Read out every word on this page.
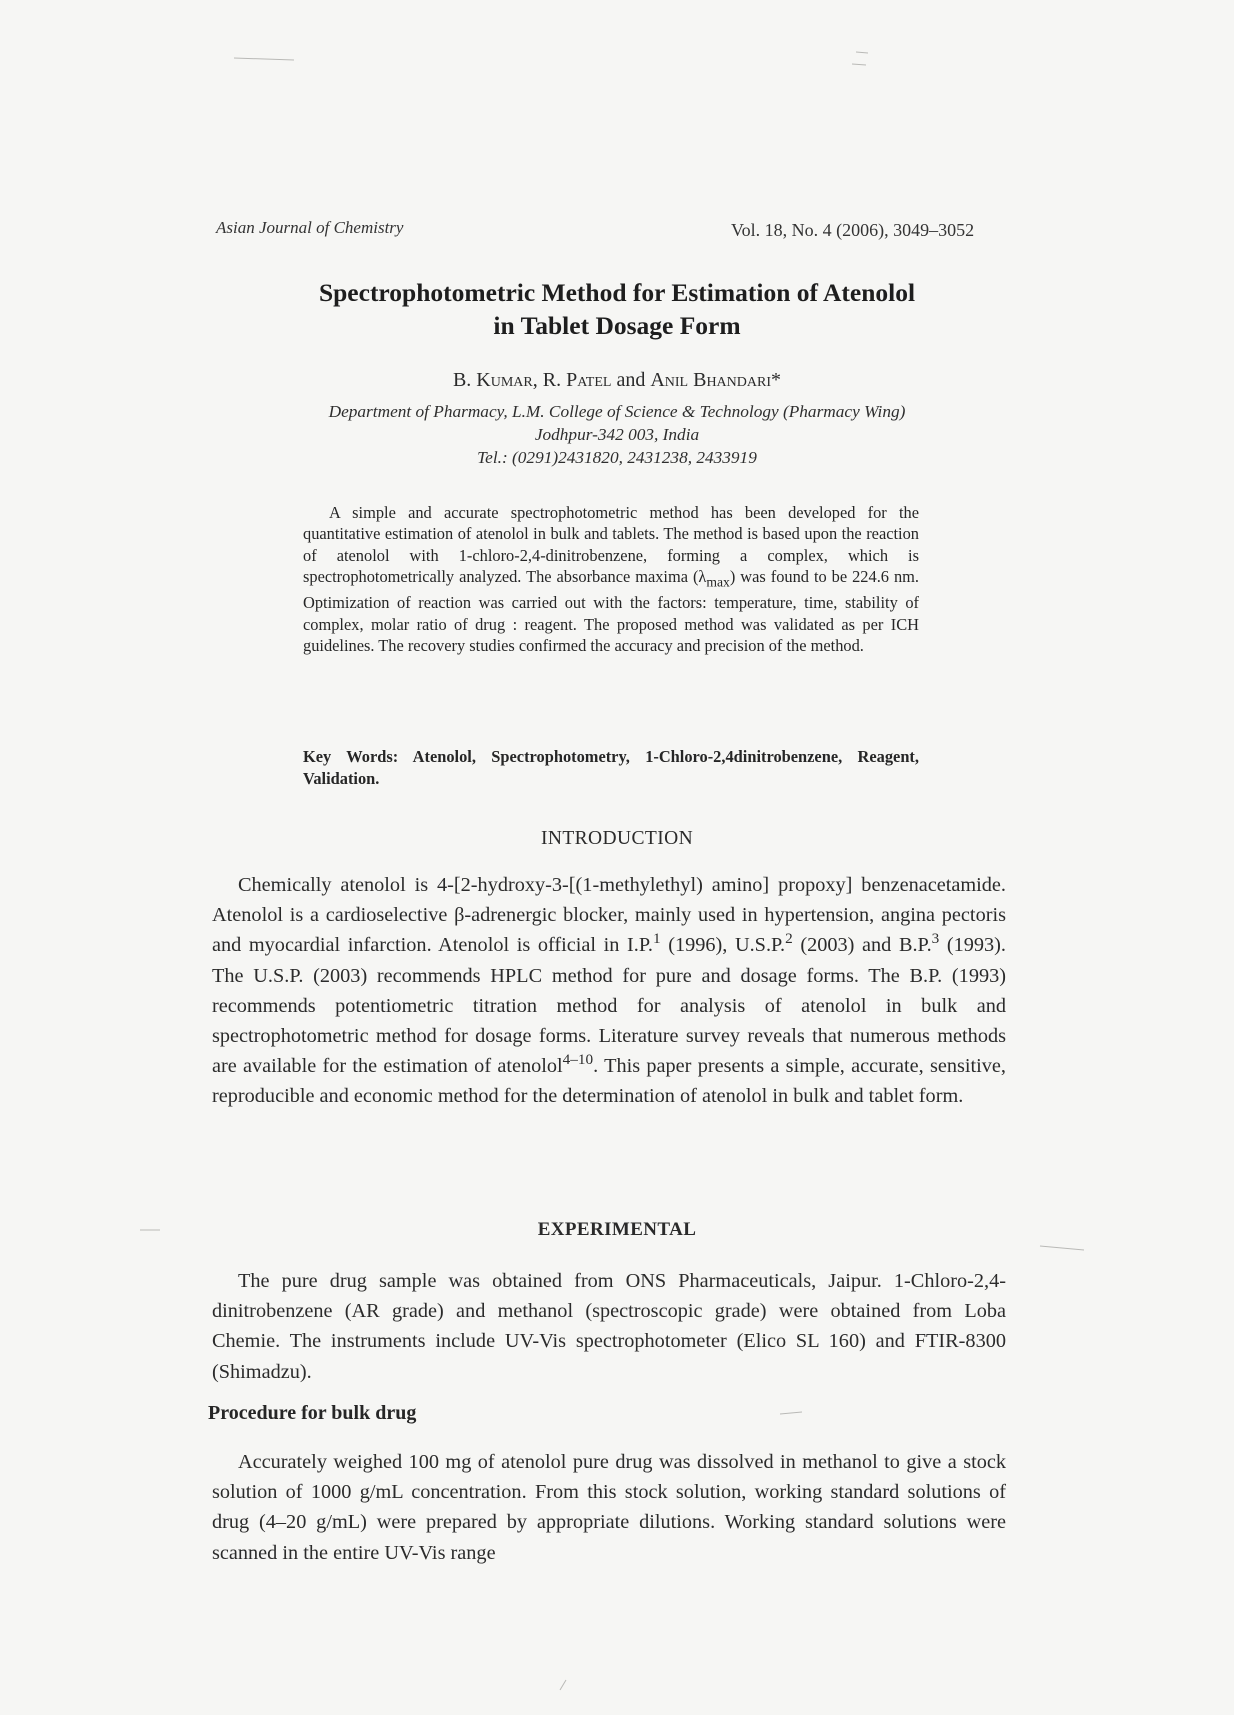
Asian Journal of Chemistry	Vol. 18, No. 4 (2006), 3049–3052
Spectrophotometric Method for Estimation of Atenolol
in Tablet Dosage Form
B. Kumar, R. Patel and Anil Bhandari*
Department of Pharmacy, L.M. College of Science & Technology (Pharmacy Wing)
Jodhpur-342 003, India
Tel.: (0291)2431820, 2431238, 2433919
A simple and accurate spectrophotometric method has been developed for the quantitative estimation of atenolol in bulk and tablets. The method is based upon the reaction of atenolol with 1-chloro-2,4-dinitrobenzene, forming a complex, which is spectrophotometrically analyzed. The absorbance maxima $(\lambda_{max})$ was found to be 224.6 nm. Optimization of reaction was carried out with the factors: temperature, time, stability of complex, molar ratio of drug : reagent. The proposed method was validated as per ICH guidelines. The recovery studies confirmed the accuracy and precision of the method.
Key Words: Atenolol, Spectrophotometry, 1-Chloro-2,4dinitrobenzene, Reagent, Validation.
INTRODUCTION
Chemically atenolol is 4-[2-hydroxy-3-[(1-methylethyl) amino] propoxy] benzenacetamide. Atenolol is a cardioselective β-adrenergic blocker, mainly used in hypertension, angina pectoris and myocardial infarction. Atenolol is official in I.P.$^1$ (1996), U.S.P.$^2$ (2003) and B.P.$^3$ (1993). The U.S.P. (2003) recommends HPLC method for pure and dosage forms. The B.P. (1993) recommends potentiometric titration method for analysis of atenolol in bulk and spectrophotometric method for dosage forms. Literature survey reveals that numerous methods are available for the estimation of atenolol$^{4-10}$. This paper presents a simple, accurate, sensitive, reproducible and economic method for the determination of atenolol in bulk and tablet form.
EXPERIMENTAL
The pure drug sample was obtained from ONS Pharmaceuticals, Jaipur. 1-Chloro-2,4-dinitrobenzene (AR grade) and methanol (spectroscopic grade) were obtained from Loba Chemie. The instruments include UV-Vis spectrophotometer (Elico SL 160) and FTIR-8300 (Shimadzu).
Procedure for bulk drug
Accurately weighed 100 mg of atenolol pure drug was dissolved in methanol to give a stock solution of 1000 g/mL concentration. From this stock solution, working standard solutions of drug (4–20 g/mL) were prepared by appropriate dilutions. Working standard solutions were scanned in the entire UV-Vis range
